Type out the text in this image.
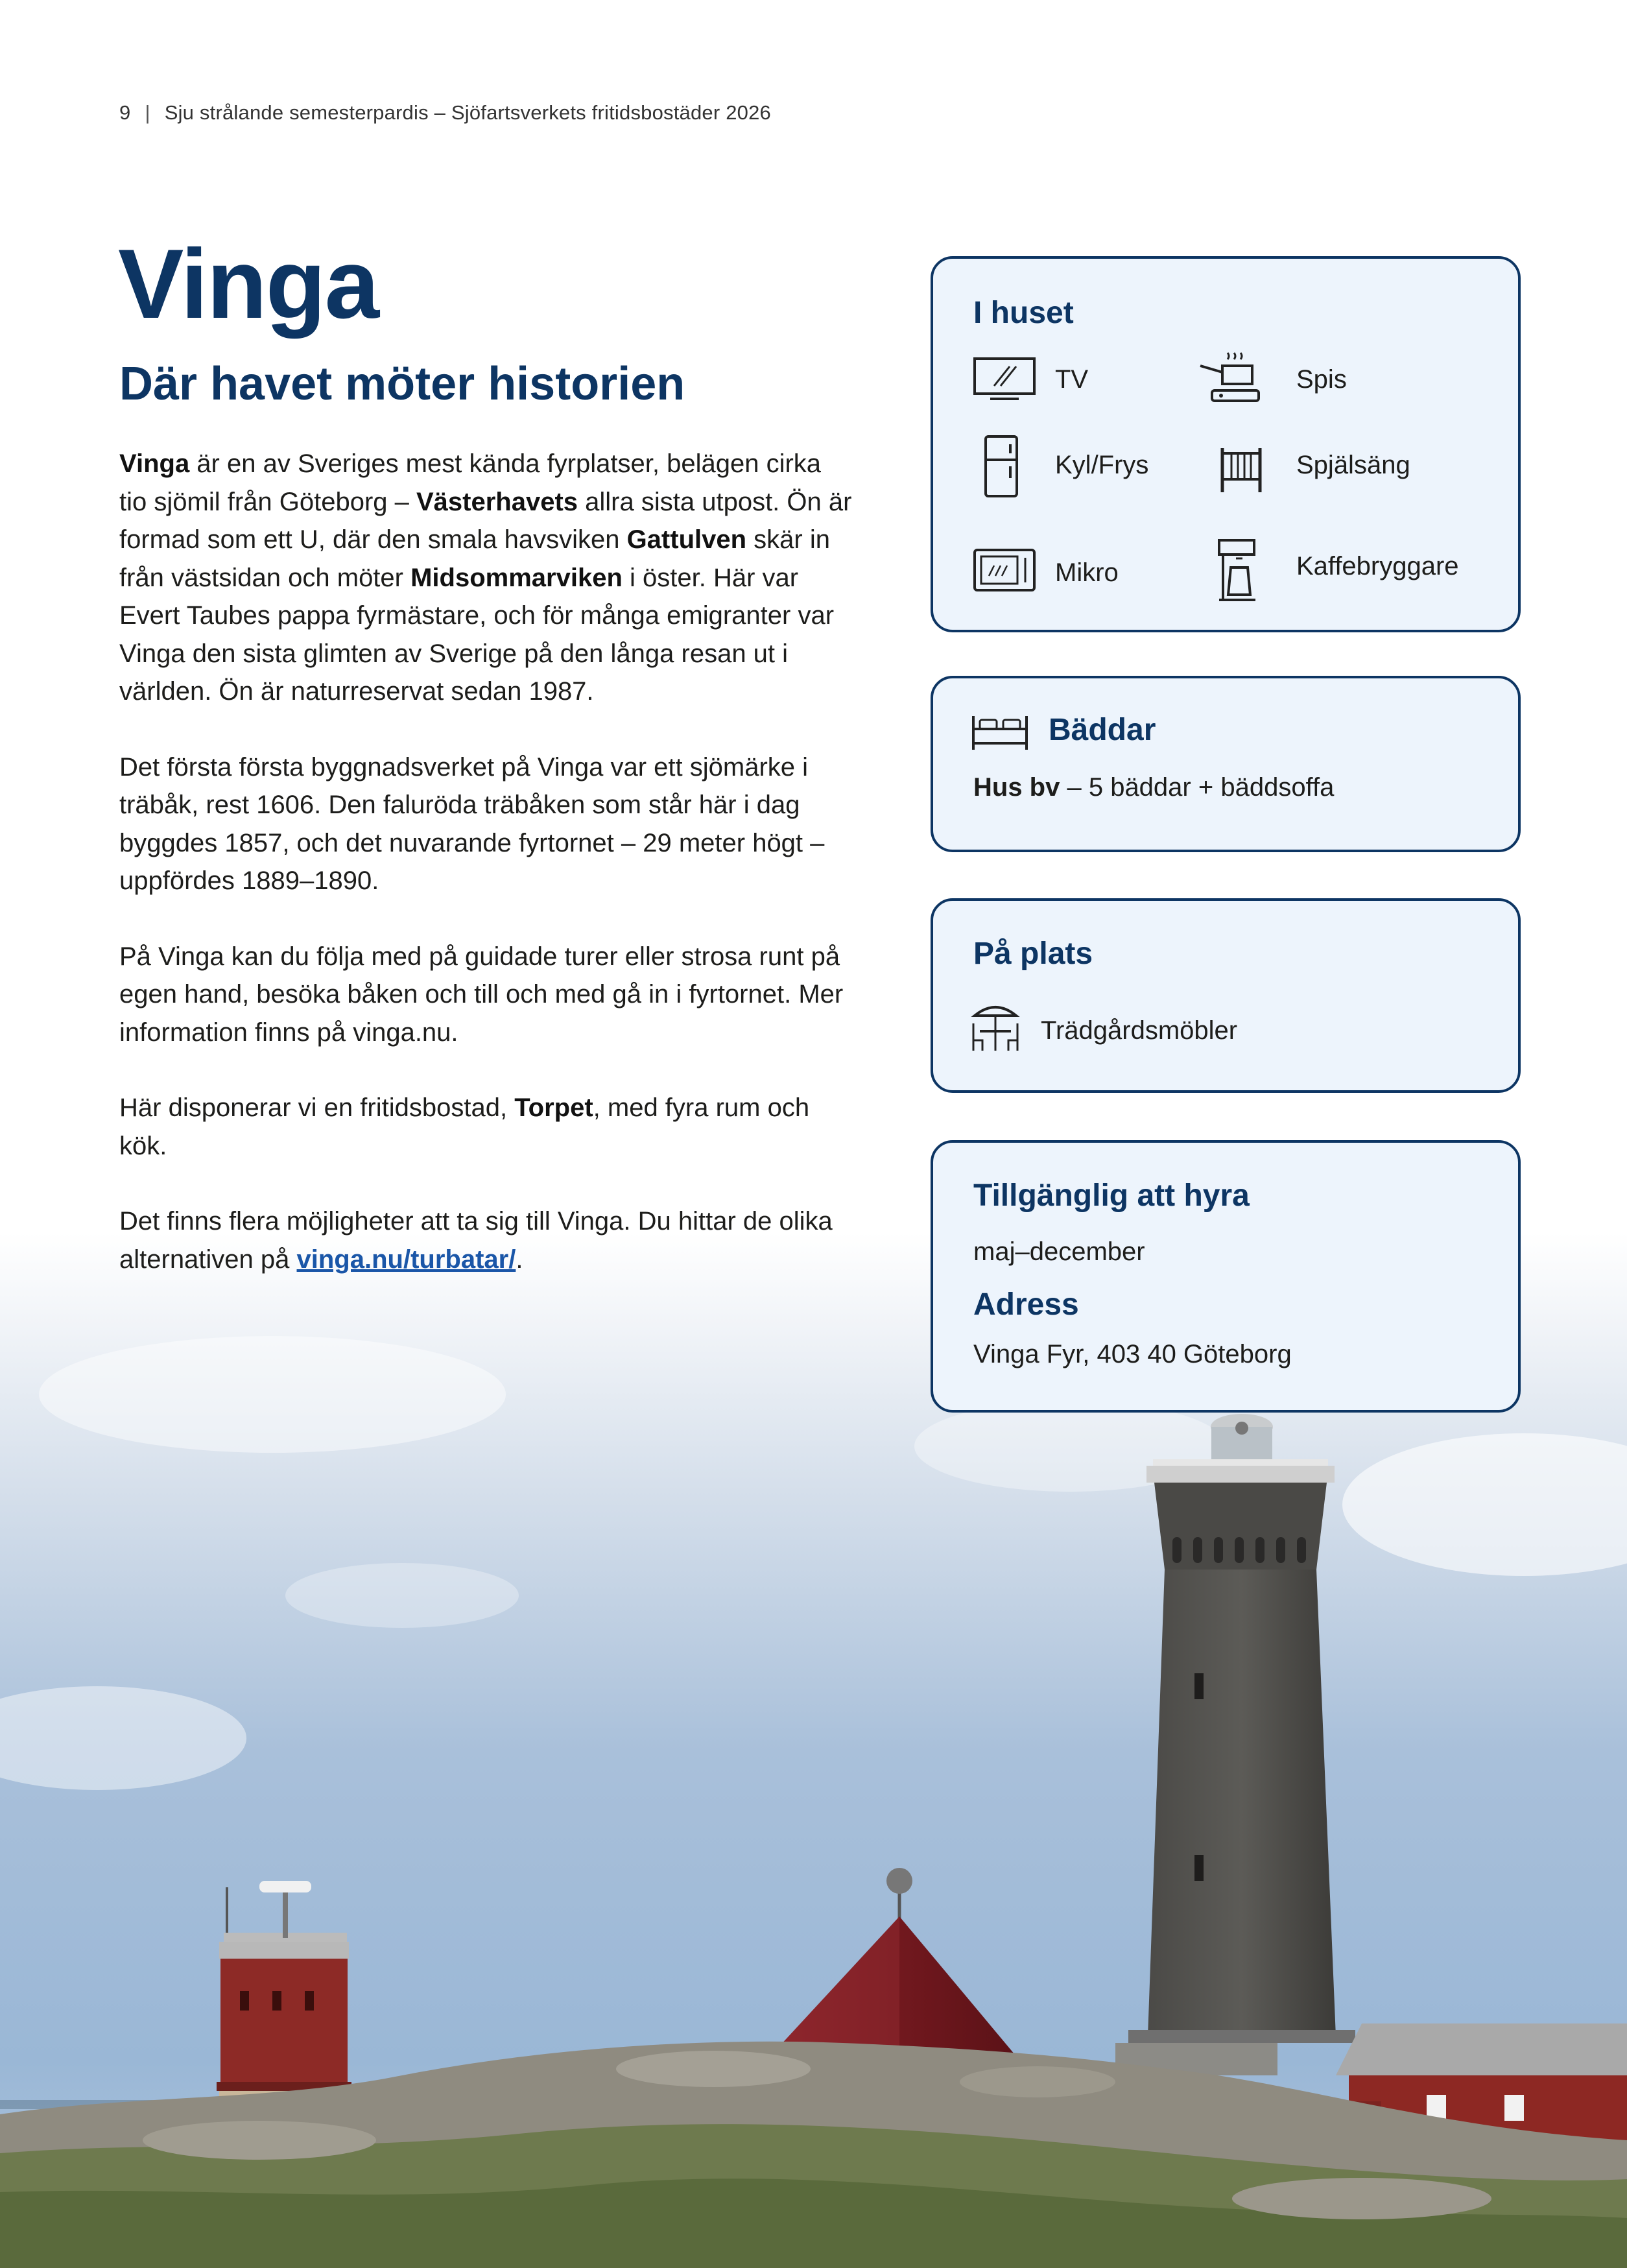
9 | Sju strålande semesterpardis – Sjöfartsverkets fritidsbostäder 2026
Vinga
Där havet möter historien

Vinga är en av Sveriges mest kända fyrplatser, belägen cirka tio sjömil från Göteborg – Västerhavets allra sista utpost. Ön är formad som ett U, där den smala havsviken Gattulven skär in från västsidan och möter Midsommarviken i öster. Här var Evert Taubes pappa fyrmästare, och för många emigranter var Vinga den sista glimten av Sverige på den långa resan ut i världen. Ön är naturreservat sedan 1987.

Det första första byggnadsverket på Vinga var ett sjömärke i träbåk, rest 1606. Den faluröda träbåken som står här i dag byggdes 1857, och det nuvarande fyrtornet – 29 meter högt – uppfördes 1889–1890.

På Vinga kan du följa med på guidade turer eller strosa runt på egen hand, besöka båken och till och med gå in i fyrtornet. Mer information finns på vinga.nu.

Här disponerar vi en fritidsbostad, Torpet, med fyra rum och kök.

Det finns flera möjligheter att ta sig till Vinga. Du hittar de olika alternativen på vinga.nu/turbatar/.

I huset
TV	Spis
Kyl/Frys	Spjälsäng
Mikro	Kaffebryggare
Bäddar
Hus bv – 5 bäddar + bäddsoffa
På plats
Trädgårdsmöbler
Tillgänglig att hyra
maj–december
Adress
Vinga Fyr, 403 40 Göteborg
